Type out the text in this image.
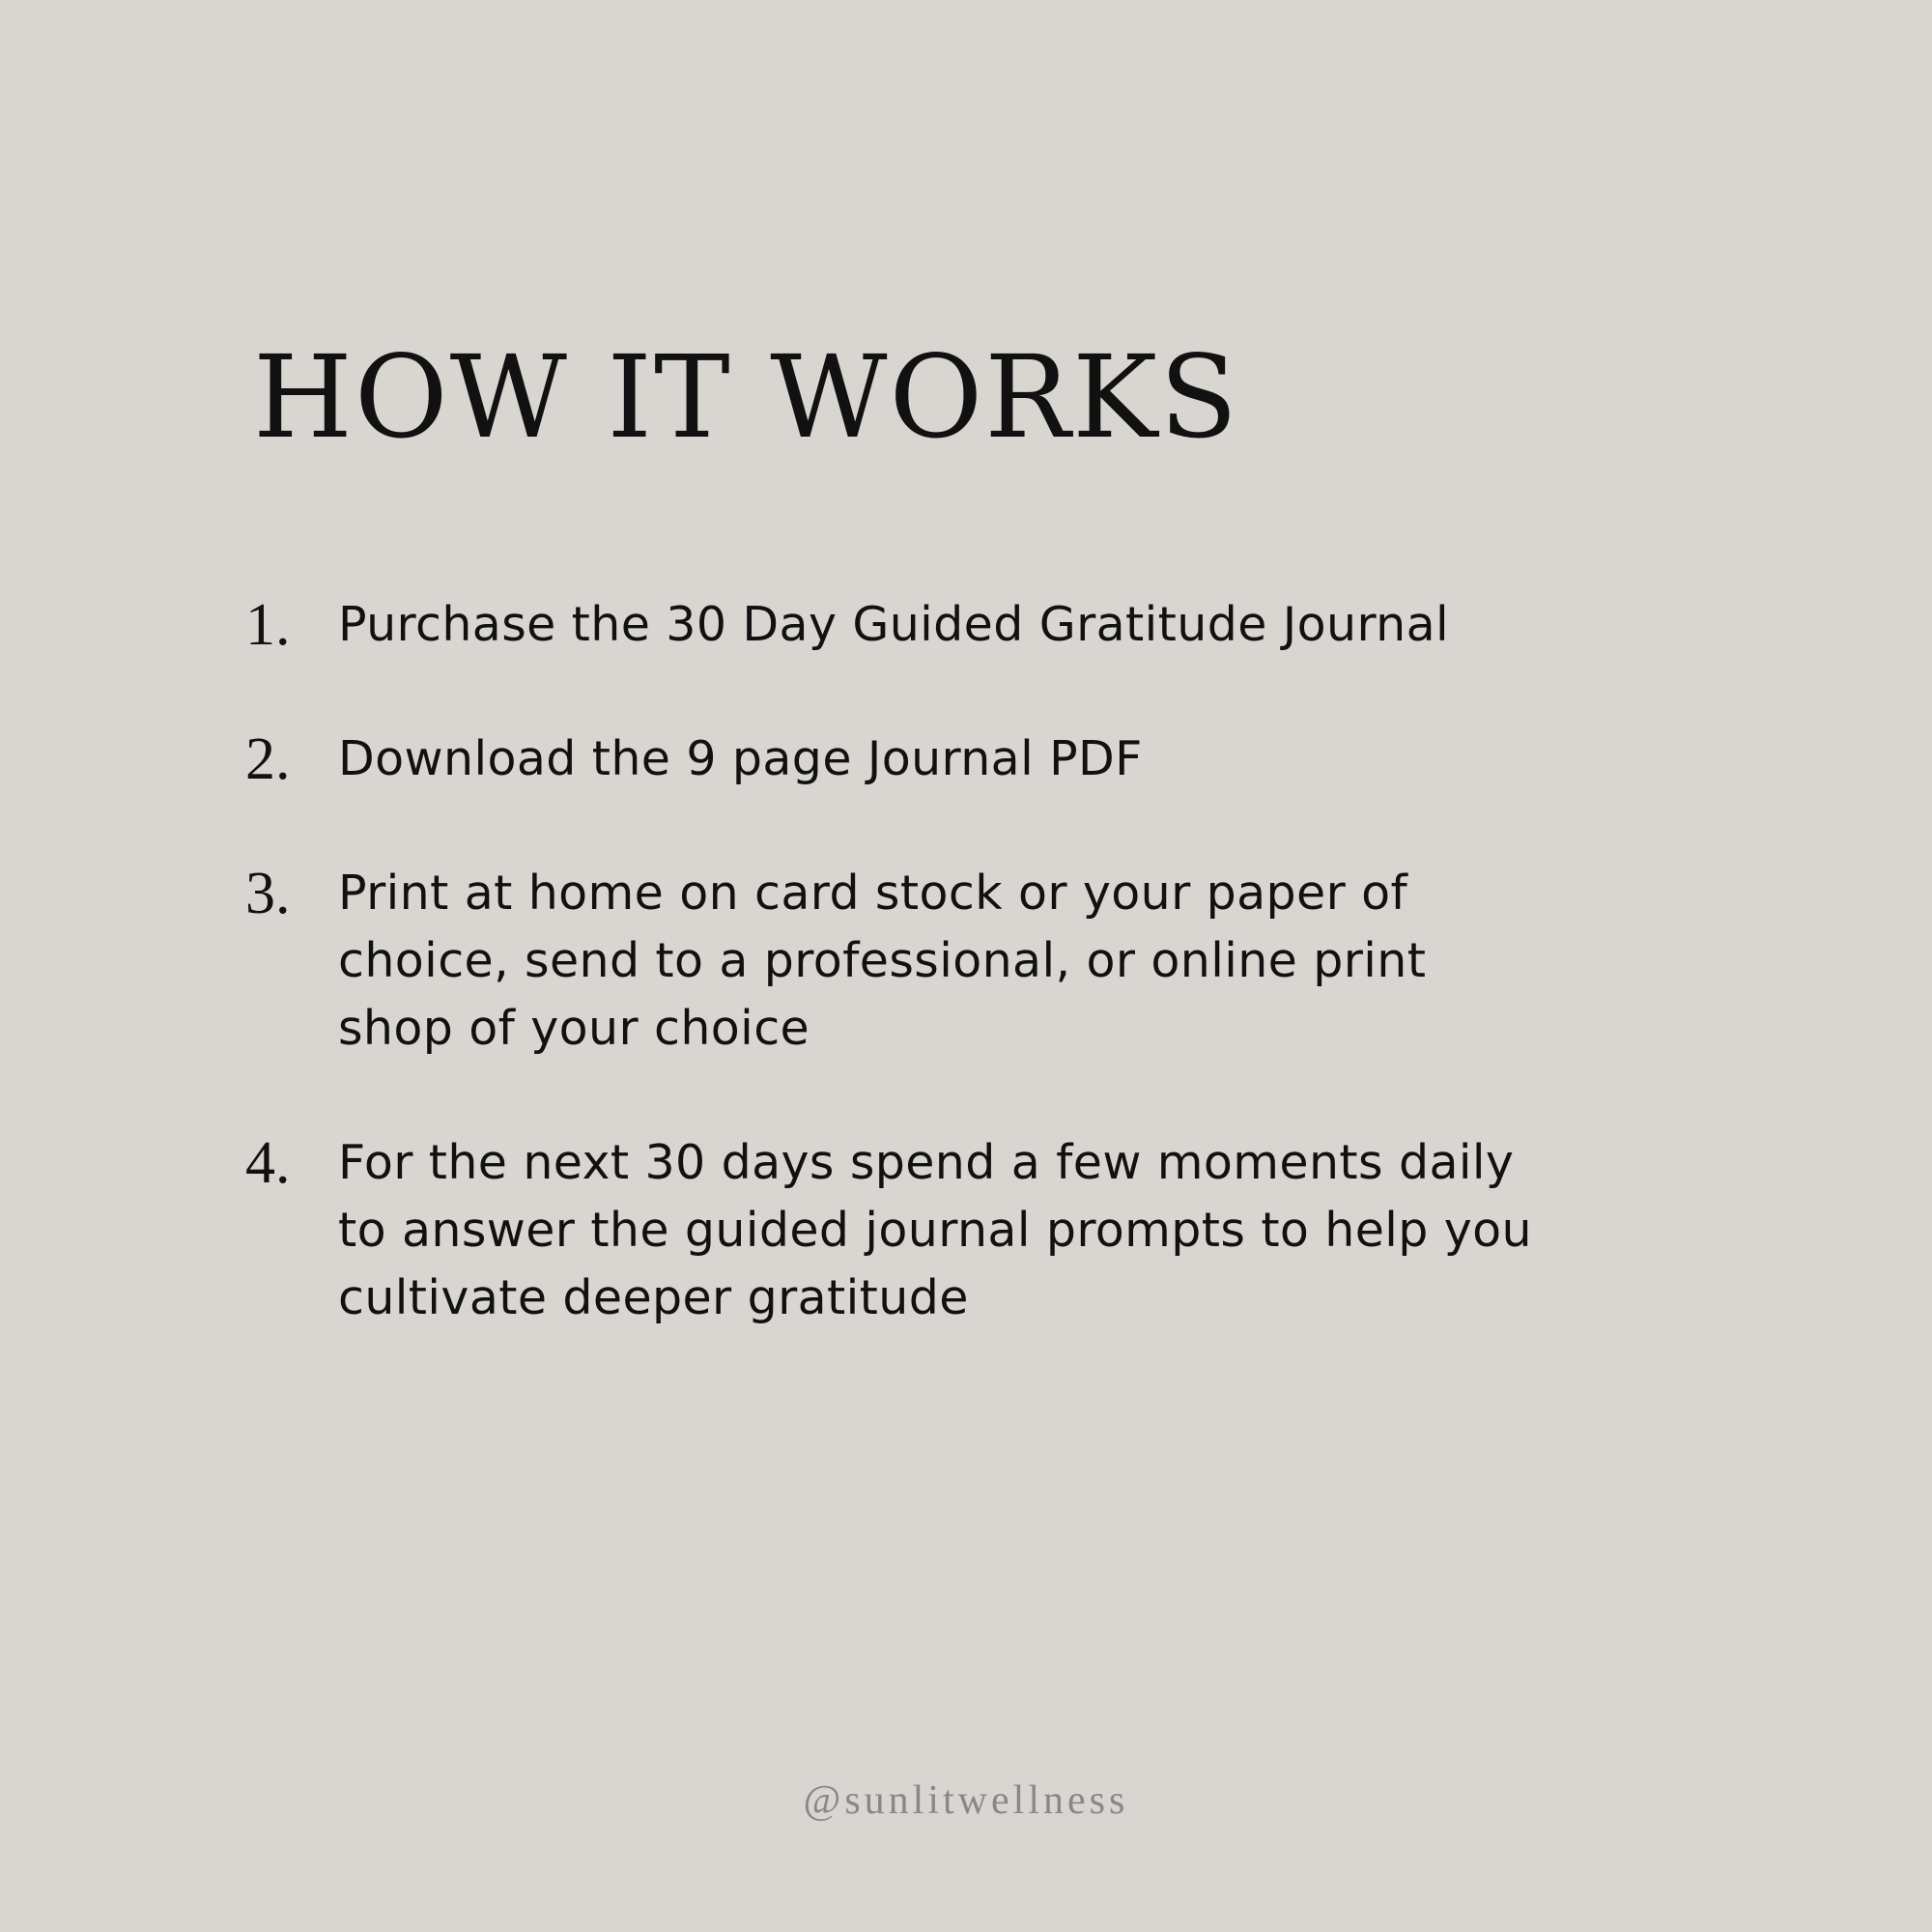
HOW IT WORKS
1.	Purchase the 30 Day Guided Gratitude Journal
2.	Download the 9 page Journal PDF
3.	Print at home on card stock or your paper of choice, send to a professional, or online print shop of your choice
4.	For the next 30 days spend a few moments daily to answer the guided journal prompts to help you cultivate deeper gratitude
@sunlitwellness
